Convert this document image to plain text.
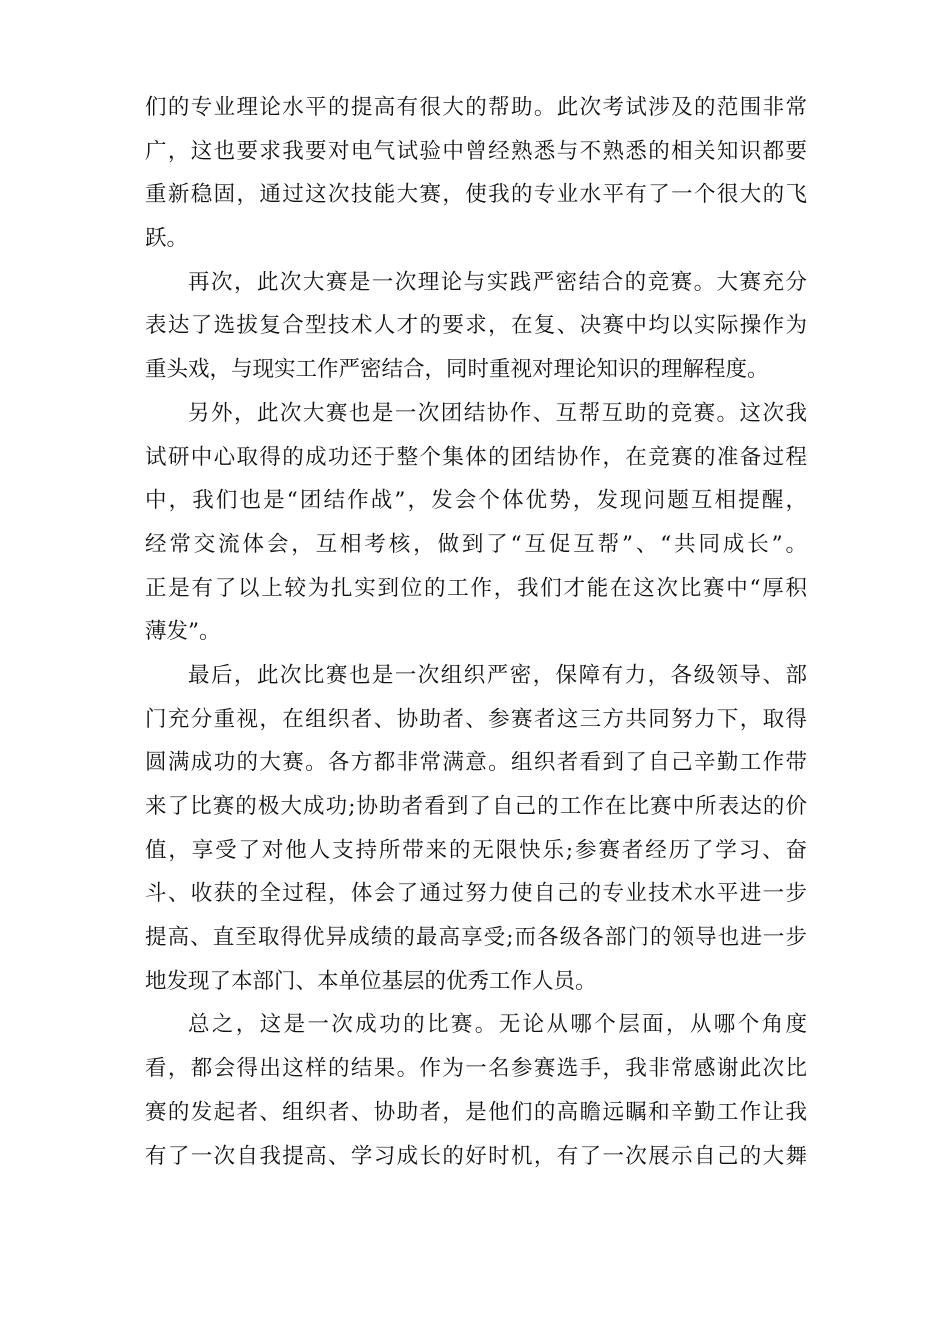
们的专业理论水平的提高有很大的帮助。此次考试涉及的范围非常
广，这也要求我要对电气试验中曾经熟悉与不熟悉的相关知识都要
重新稳固，通过这次技能大赛，使我的专业水平有了一个很大的飞
跃。
再次，此次大赛是一次理论与实践严密结合的竞赛。大赛充分
表达了选拔复合型技术人才的要求，在复、决赛中均以实际操作为
重头戏，与现实工作严密结合，同时重视对理论知识的理解程度。
另外，此次大赛也是一次团结协作、互帮互助的竞赛。这次我
试研中心取得的成功还于整个集体的团结协作，在竞赛的准备过程
中，我们也是“团结作战”，发会个体优势，发现问题互相提醒，
经常交流体会，互相考核，做到了“互促互帮”、“共同成长”。
正是有了以上较为扎实到位的工作，我们才能在这次比赛中“厚积
薄发”。
最后，此次比赛也是一次组织严密，保障有力，各级领导、部
门充分重视，在组织者、协助者、参赛者这三方共同努力下，取得
圆满成功的大赛。各方都非常满意。组织者看到了自己辛勤工作带
来了比赛的极大成功;协助者看到了自己的工作在比赛中所表达的价
值，享受了对他人支持所带来的无限快乐;参赛者经历了学习、奋
斗、收获的全过程，体会了通过努力使自己的专业技术水平进一步
提高、直至取得优异成绩的最高享受;而各级各部门的领导也进一步
地发现了本部门、本单位基层的优秀工作人员。
总之，这是一次成功的比赛。无论从哪个层面，从哪个角度
看，都会得出这样的结果。作为一名参赛选手，我非常感谢此次比
赛的发起者、组织者、协助者，是他们的高瞻远瞩和辛勤工作让我
有了一次自我提高、学习成长的好时机，有了一次展示自己的大舞
